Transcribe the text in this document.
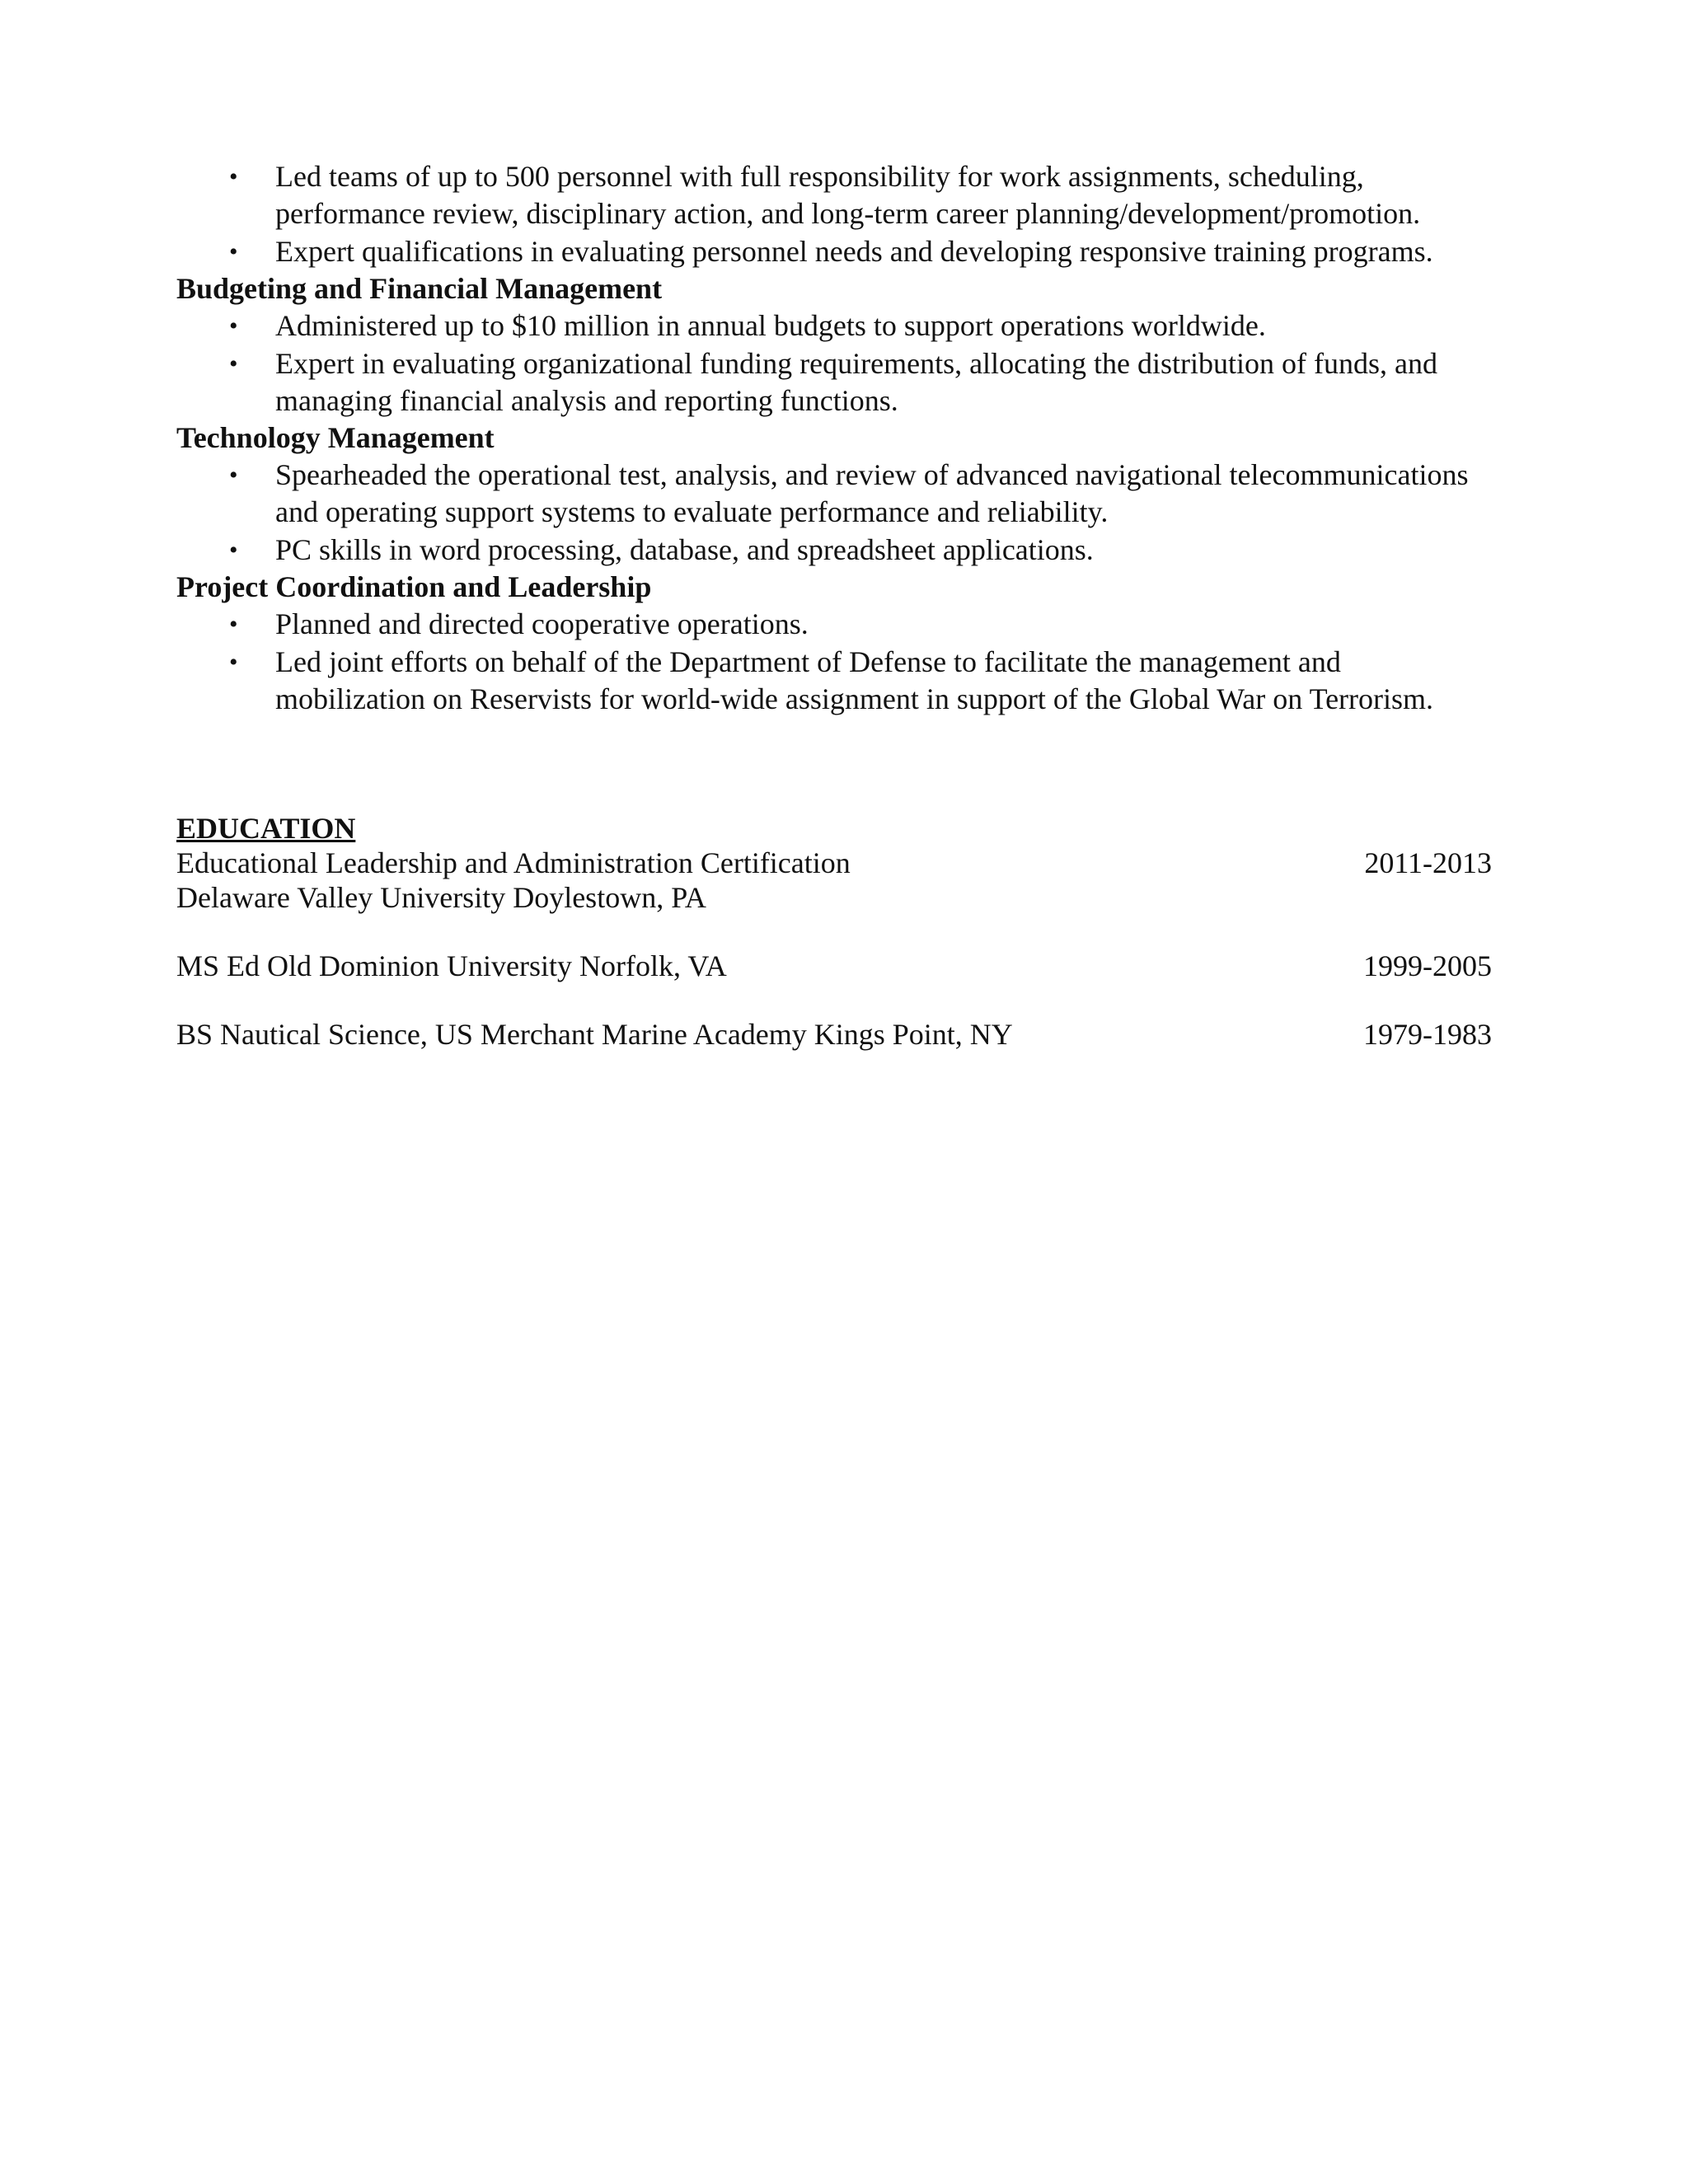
• Led teams of up to 500 personnel with full responsibility for work assignments, scheduling, performance review, disciplinary action, and long-term career planning/development/promotion.
• Expert qualifications in evaluating personnel needs and developing responsive training programs.

Budgeting and Financial Management

• Administered up to $10 million in annual budgets to support operations worldwide.
• Expert in evaluating organizational funding requirements, allocating the distribution of funds, and managing financial analysis and reporting functions.

Technology Management

• Spearheaded the operational test, analysis, and review of advanced navigational telecommunications and operating support systems to evaluate performance and reliability.
• PC skills in word processing, database, and spreadsheet applications.

Project Coordination and Leadership

• Planned and directed cooperative operations.
• Led joint efforts on behalf of the Department of Defense to facilitate the management and mobilization on Reservists for world-wide assignment in support of the Global War on Terrorism.

EDUCATION

Educational Leadership and Administration Certification	2011-2013
Delaware Valley University Doylestown, PA
MS Ed Old Dominion University Norfolk, VA	1999-2005
BS Nautical Science, US Merchant Marine Academy Kings Point, NY	1979-1983
